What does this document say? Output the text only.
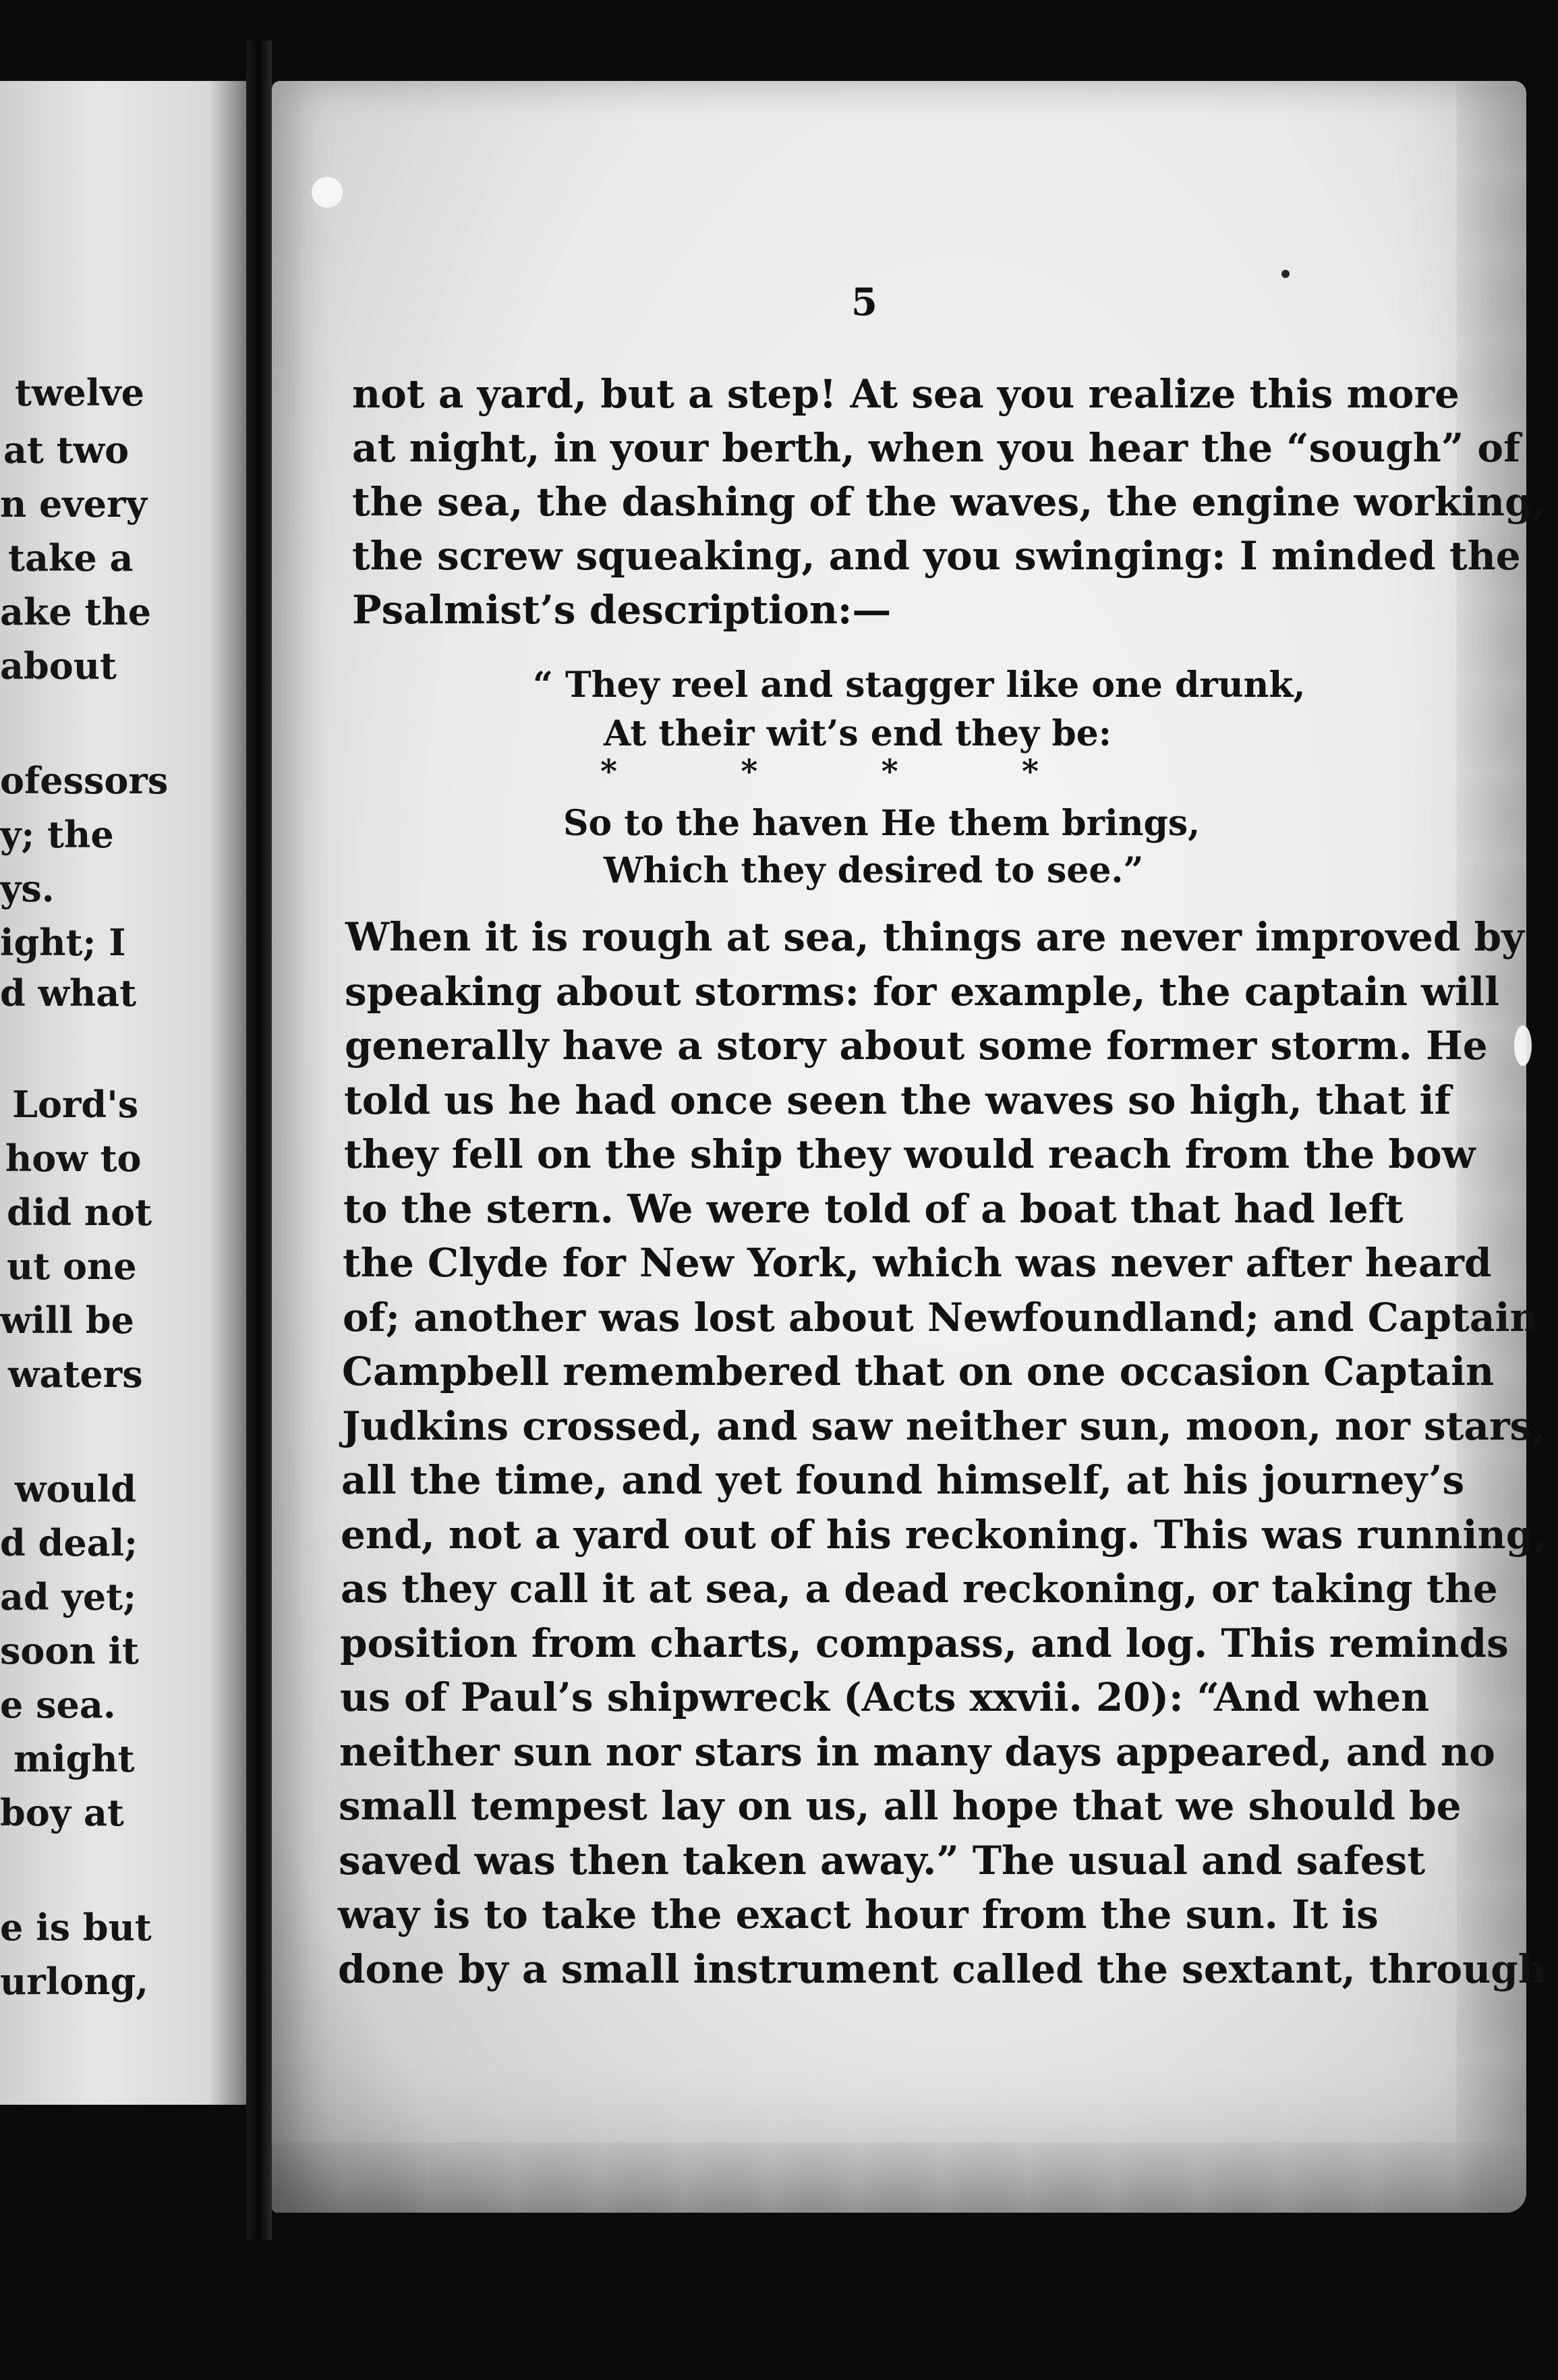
twelve
at two
n every
take a
ake the
about
ofessors
y; the
ys.
ight; I
d what
Lord's
how to
did not
ut one
will be
waters
would
d deal;
ad yet;
soon it
e sea.
might
boy at
e is but
urlong,
5
not a yard, but a step! At sea you realize this more
at night, in your berth, when you hear the “sough” of
the sea, the dashing of the waves, the engine working,
the screw squeaking, and you swinging: I minded the
Psalmist’s description:—
*	*	*	*
“ They reel and stagger like one drunk,
At their wit’s end they be:
So to the haven He them brings,
Which they desired to see.”
When it is rough at sea, things are never improved by
speaking about storms: for example, the captain will
generally have a story about some former storm. He
told us he had once seen the waves so high, that if
they fell on the ship they would reach from the bow
to the stern. We were told of a boat that had left
the Clyde for New York, which was never after heard
of; another was lost about Newfoundland; and Captain
Campbell remembered that on one occasion Captain
Judkins crossed, and saw neither sun, moon, nor stars,
all the time, and yet found himself, at his journey’s
end, not a yard out of his reckoning. This was running,
as they call it at sea, a dead reckoning, or taking the
position from charts, compass, and log. This reminds
us of Paul’s shipwreck (Acts xxvii. 20): “And when
neither sun nor stars in many days appeared, and no
small tempest lay on us, all hope that we should be
saved was then taken away.” The usual and safest
way is to take the exact hour from the sun. It is
done by a small instrument called the sextant, through
